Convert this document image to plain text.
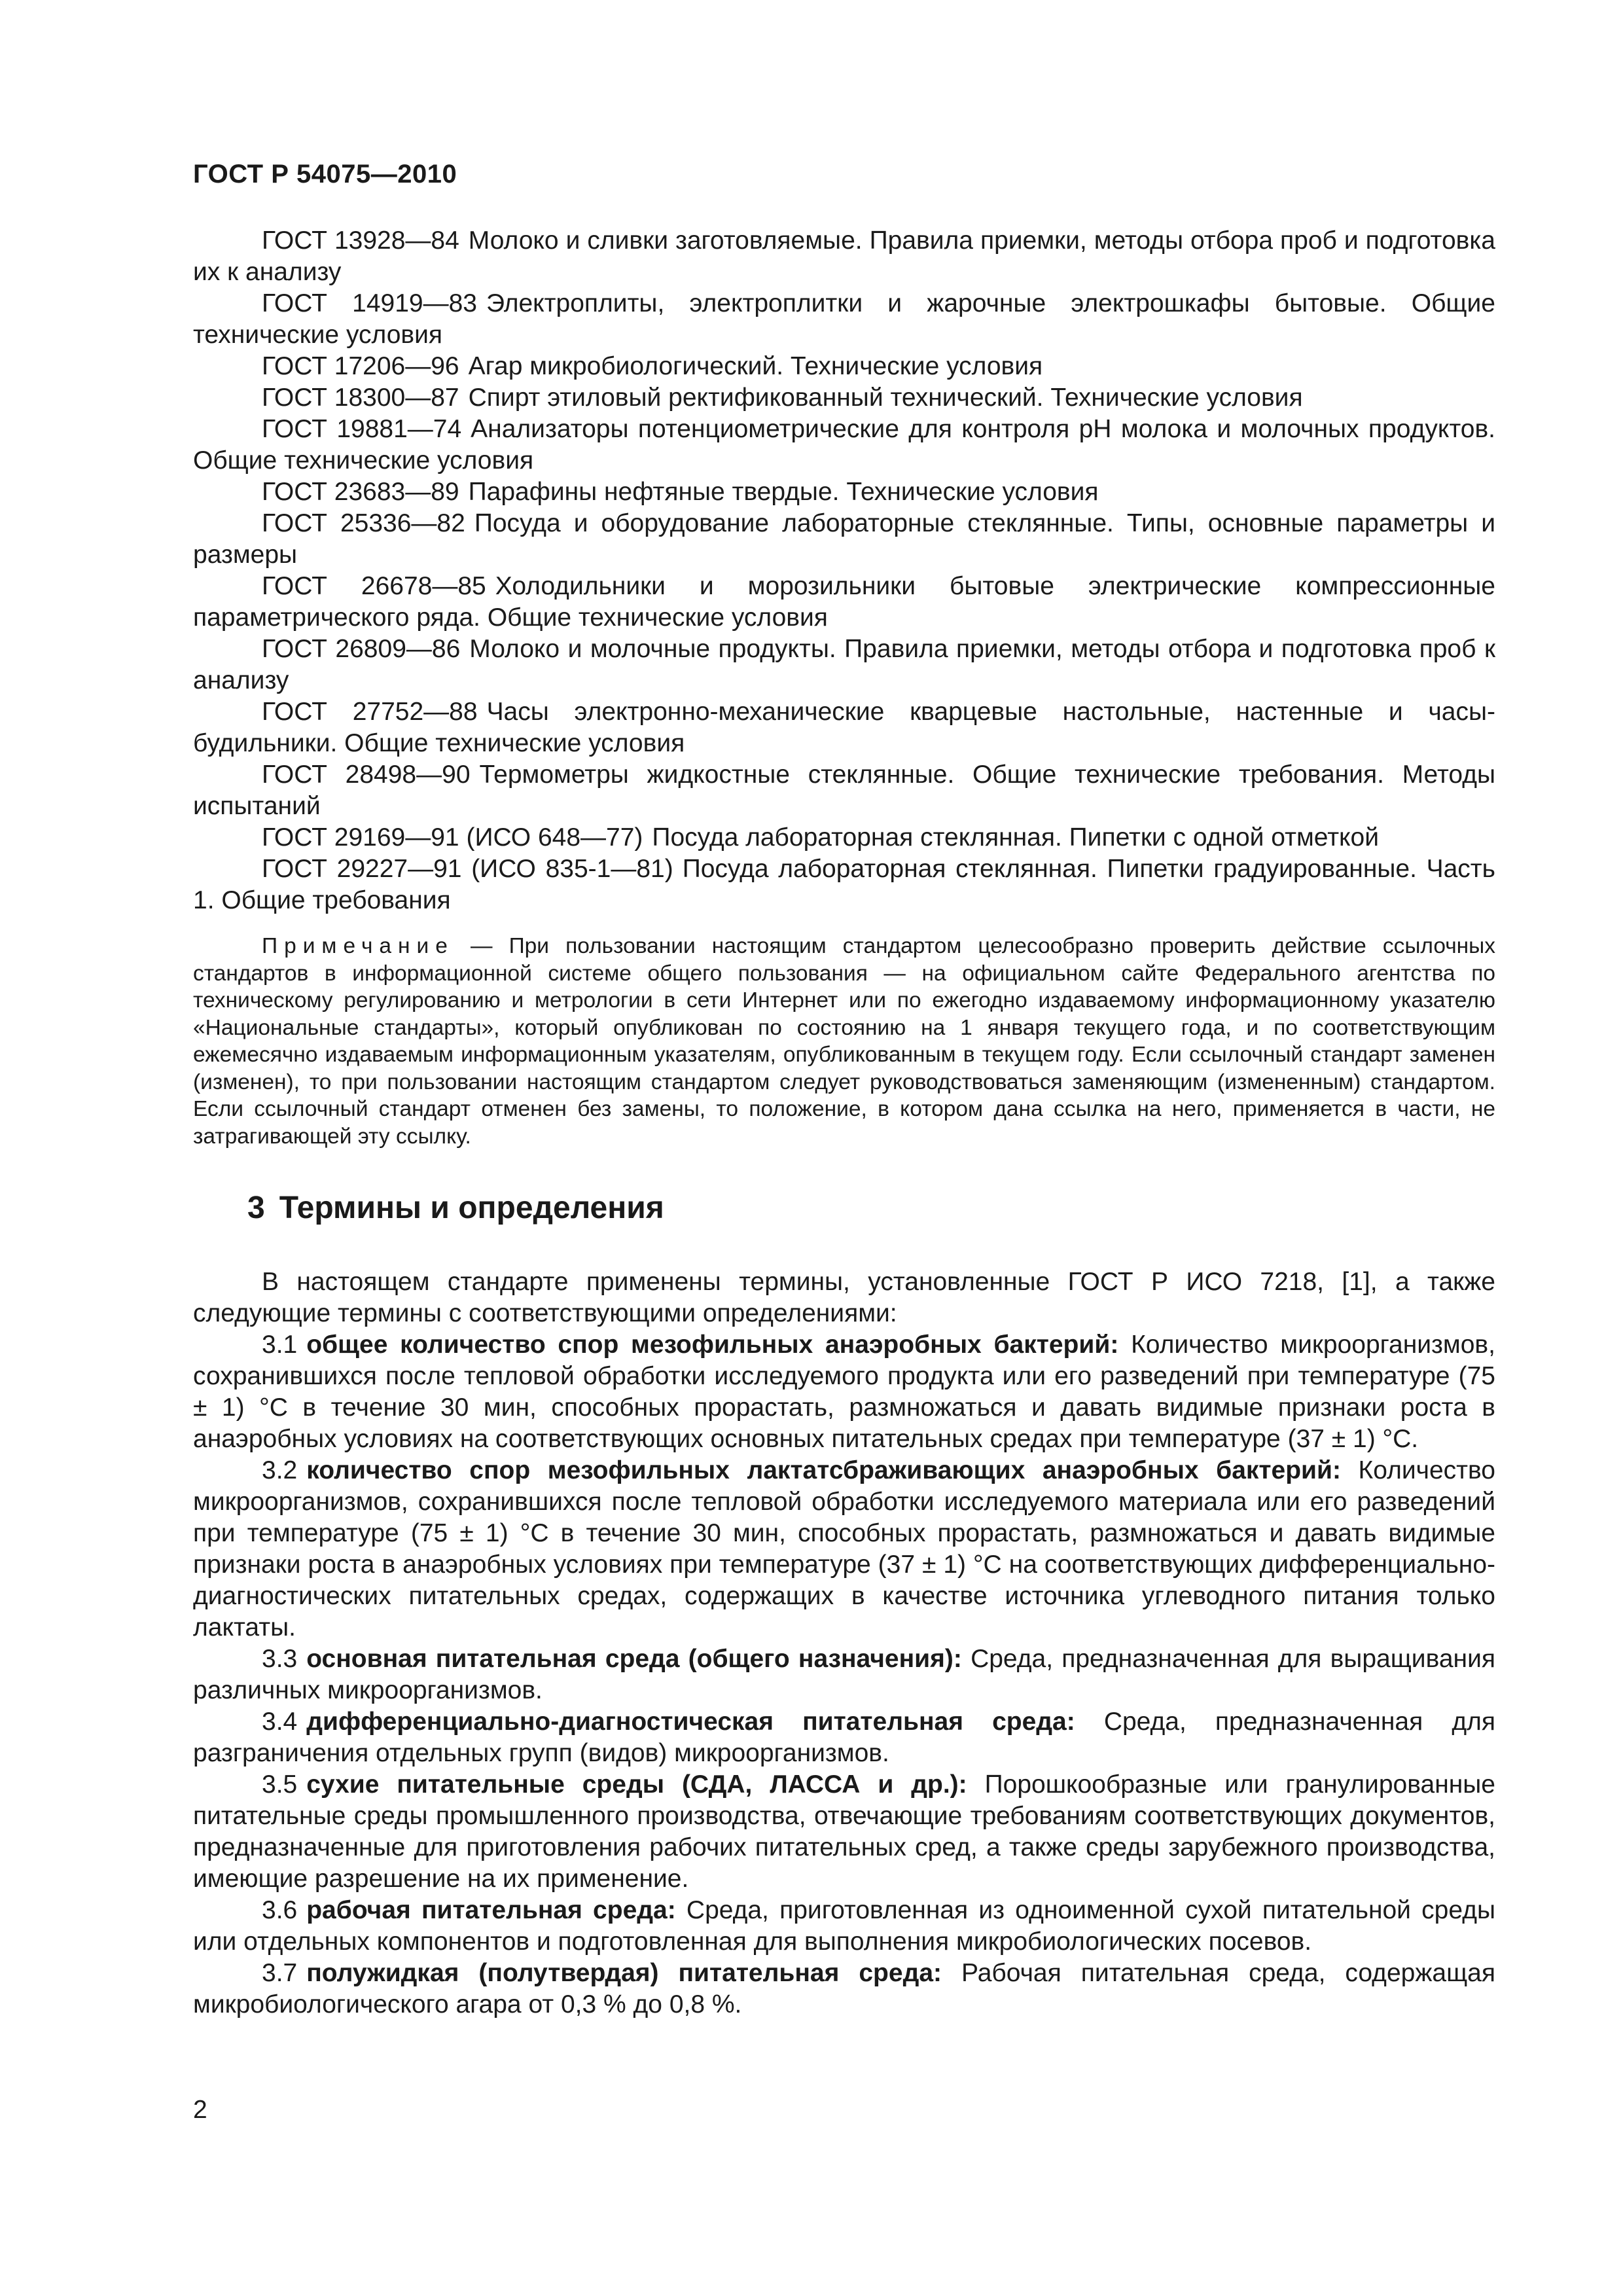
ГОСТ Р 54075—2010
ГОСТ 13928—84 Молоко и сливки заготовляемые. Правила приемки, методы отбора проб и подготовка их к анализу
ГОСТ 14919—83 Электроплиты, электроплитки и жарочные электрошкафы бытовые. Общие технические условия
ГОСТ 17206—96 Агар микробиологический. Технические условия
ГОСТ 18300—87 Спирт этиловый ректификованный технический. Технические условия
ГОСТ 19881—74 Анализаторы потенциометрические для контроля pH молока и молочных продуктов. Общие технические условия
ГОСТ 23683—89 Парафины нефтяные твердые. Технические условия
ГОСТ 25336—82 Посуда и оборудование лабораторные стеклянные. Типы, основные параметры и размеры
ГОСТ 26678—85 Холодильники и морозильники бытовые электрические компрессионные параметрического ряда. Общие технические условия
ГОСТ 26809—86 Молоко и молочные продукты. Правила приемки, методы отбора и подготовка проб к анализу
ГОСТ 27752—88 Часы электронно-механические кварцевые настольные, настенные и часы-будильники. Общие технические условия
ГОСТ 28498—90 Термометры жидкостные стеклянные. Общие технические требования. Методы испытаний
ГОСТ 29169—91 (ИСО 648—77) Посуда лабораторная стеклянная. Пипетки с одной отметкой
ГОСТ 29227—91 (ИСО 835-1—81) Посуда лабораторная стеклянная. Пипетки градуированные. Часть 1. Общие требования
Примечание — При пользовании настоящим стандартом целесообразно проверить действие ссылочных стандартов в информационной системе общего пользования — на официальном сайте Федерального агентства по техническому регулированию и метрологии в сети Интернет или по ежегодно издаваемому информационному указателю «Национальные стандарты», который опубликован по состоянию на 1 января текущего года, и по соответствующим ежемесячно издаваемым информационным указателям, опубликованным в текущем году. Если ссылочный стандарт заменен (изменен), то при пользовании настоящим стандартом следует руководствоваться заменяющим (измененным) стандартом. Если ссылочный стандарт отменен без замены, то положение, в котором дана ссылка на него, применяется в части, не затрагивающей эту ссылку.
3 Термины и определения
В настоящем стандарте применены термины, установленные ГОСТ Р ИСО 7218, [1], а также следующие термины с соответствующими определениями:
3.1 общее количество спор мезофильных анаэробных бактерий: Количество микроорганизмов, сохранившихся после тепловой обработки исследуемого продукта или его разведений при температуре (75 ± 1) °С в течение 30 мин, способных прорастать, размножаться и давать видимые признаки роста в анаэробных условиях на соответствующих основных питательных средах при температуре (37 ± 1) °С.
3.2 количество спор мезофильных лактатсбраживающих анаэробных бактерий: Количество микроорганизмов, сохранившихся после тепловой обработки исследуемого материала или его разведений при температуре (75 ± 1) °С в течение 30 мин, способных прорастать, размножаться и давать видимые признаки роста в анаэробных условиях при температуре (37 ± 1) °С на соответствующих дифференциально-диагностических питательных средах, содержащих в качестве источника углеводного питания только лактаты.
3.3 основная питательная среда (общего назначения): Среда, предназначенная для выращивания различных микроорганизмов.
3.4 дифференциально-диагностическая питательная среда: Среда, предназначенная для разграничения отдельных групп (видов) микроорганизмов.
3.5 сухие питательные среды (СДА, ЛАССА и др.): Порошкообразные или гранулированные питательные среды промышленного производства, отвечающие требованиям соответствующих документов, предназначенные для приготовления рабочих питательных сред, а также среды зарубежного производства, имеющие разрешение на их применение.
3.6 рабочая питательная среда: Среда, приготовленная из одноименной сухой питательной среды или отдельных компонентов и подготовленная для выполнения микробиологических посевов.
3.7 полужидкая (полутвердая) питательная среда: Рабочая питательная среда, содержащая микробиологического агара от 0,3 % до 0,8 %.
2
